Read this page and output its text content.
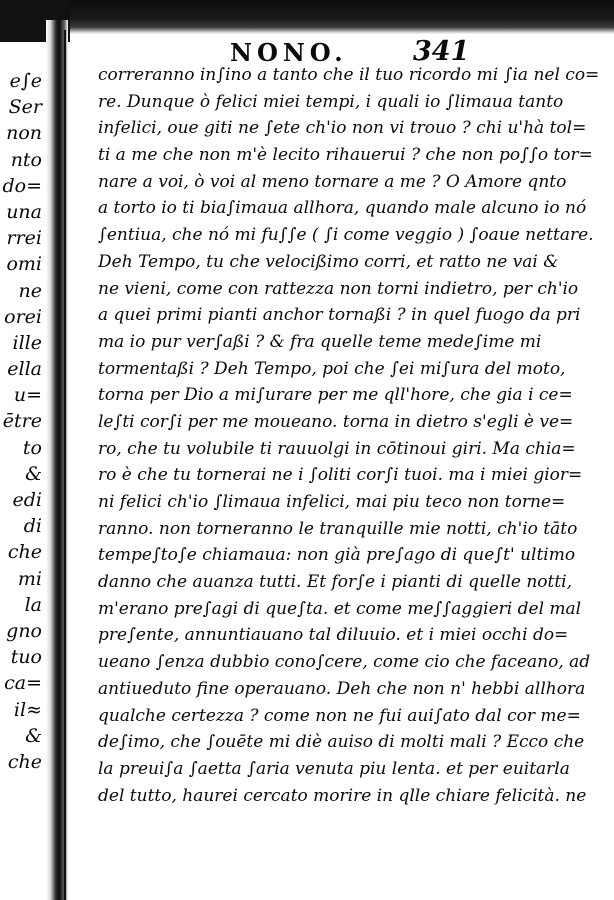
e∫e
Ser
non
nto
do=
una
rrei
omi
ne
orei
ille
ella
u=
ētre
to
&
edi
di
che
mi
la
gno
tuo
ca=
il≈
&
che
NONO. 341
correranno in∫ino a tanto che il tuo ricordo mi ∫ia nel co=
re. Dunque ò felici miei tempi, i quali io ∫limaua tanto
infelici, oue giti ne ∫ete ch'io non vi trouo ? chi u'hà tol=
ti a me che non m'è lecito rihauerui ? che non po∫∫o tor=
nare a voi, ò voi al meno tornare a me ? O Amore qnto
a torto io ti bia∫imaua allhora, quando male alcuno io nó
∫entiua, che nó mi fu∫∫e ( ∫i come veggio ) ∫oaue nettare.
Deh Tempo, tu che velocißimo corri, et ratto ne vai &
ne vieni, come con rattezza non torni indietro, per ch'io
a quei primi pianti anchor tornaßi ? in quel fuogo da pri
ma io pur ver∫aßi ? & fra quelle teme mede∫ime mi
tormentaßi ? Deh Tempo, poi che ∫ei mi∫ura del moto,
torna per Dio a mi∫urare per me qll'hore, che gia i ce=
le∫ti cor∫i per me moueano. torna in dietro s'egli è ve=
ro, che tu volubile ti rauuolgi in cōtinoui giri. Ma chia=
ro è che tu tornerai ne i ∫oliti cor∫i tuoi. ma i miei gior=
ni felici ch'io ∫limaua infelici, mai piu teco non torne=
ranno. non torneranno le tranquille mie notti, ch'io tāto
tempe∫to∫e chiamaua: non già pre∫ago di que∫t' ultimo
danno che auanza tutti. Et for∫e i pianti di quelle notti,
m'erano pre∫agi di que∫ta. et come me∫∫aggieri del mal
pre∫ente, annuntiauano tal diluuio. et i miei occhi do=
ueano ∫enza dubbio cono∫cere, come cio che faceano, ad
antiueduto fine operauano. Deh che non n' hebbi allhora
qualche certezza ? come non ne fui aui∫ato dal cor me=
de∫imo, che ∫ouēte mi diè auiso di molti mali ? Ecco che
la preui∫a ∫aetta ∫aria venuta piu lenta. et per euitarla
del tutto, haurei cercato morire in qlle chiare felicità. ne
